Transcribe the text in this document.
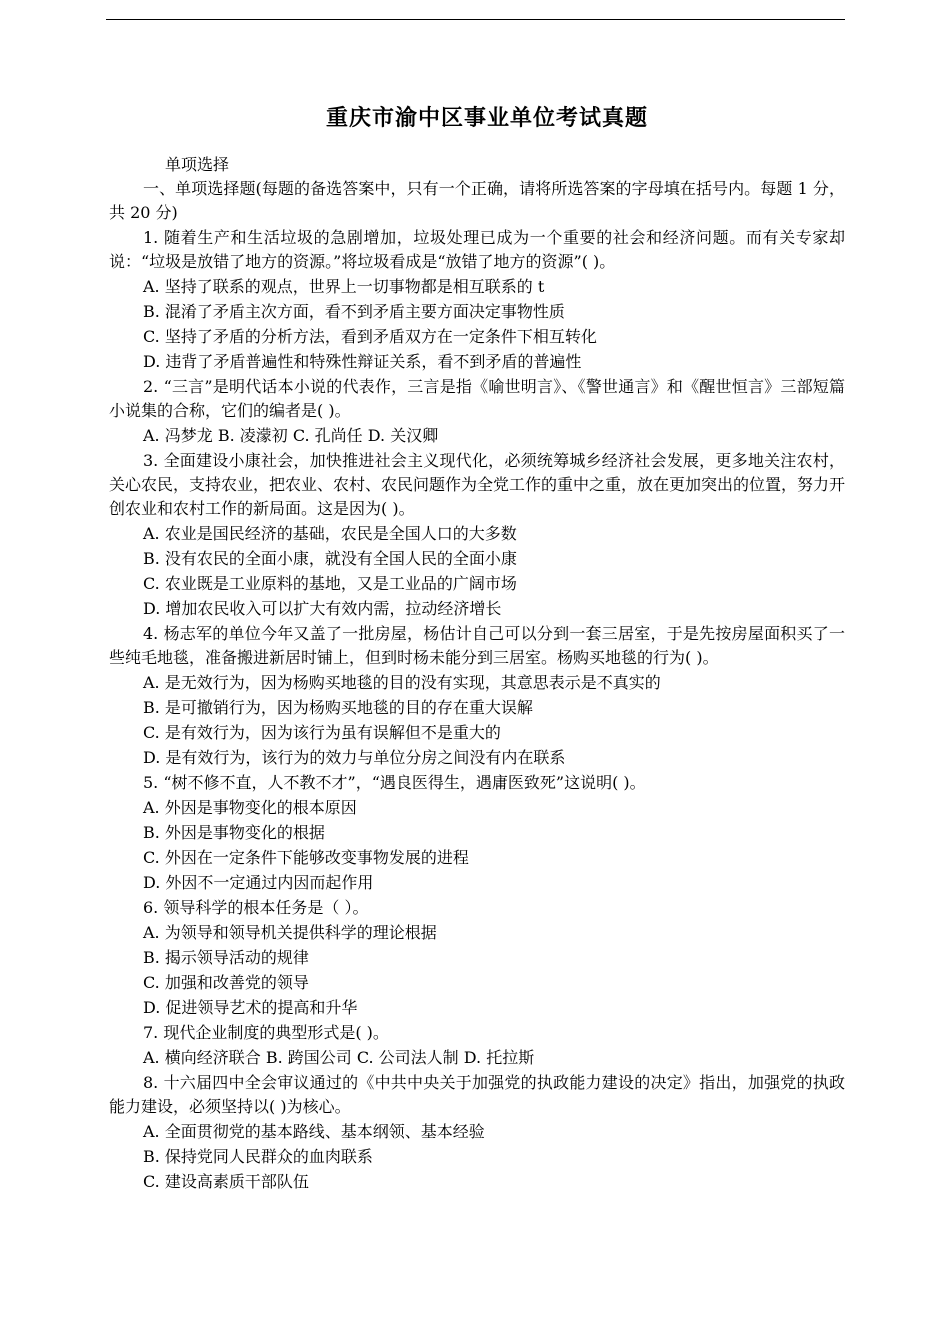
重庆市渝中区事业单位考试真题

单项选择

一、单项选择题(每题的备选答案中，只有一个正确，请将所选答案的字母填在括号内。每题 1 分，共 20 分)

1. 随着生产和生活垃圾的急剧增加，垃圾处理已成为一个重要的社会和经济问题。而有关专家却说：“垃圾是放错了地方的资源。”将垃圾看成是“放错了地方的资源”( )。

A. 坚持了联系的观点，世界上一切事物都是相互联系的 t

B. 混淆了矛盾主次方面，看不到矛盾主要方面决定事物性质

C. 坚持了矛盾的分析方法，看到矛盾双方在一定条件下相互转化

D. 违背了矛盾普遍性和特殊性辩证关系，看不到矛盾的普遍性

2. “三言”是明代话本小说的代表作，三言是指《喻世明言》、《警世通言》和《醒世恒言》三部短篇小说集的合称，它们的编者是( )。

A. 冯梦龙 B. 凌濛初 C. 孔尚任 D. 关汉卿

3. 全面建设小康社会，加快推进社会主义现代化，必须统筹城乡经济社会发展，更多地关注农村，关心农民，支持农业，把农业、农村、农民问题作为全党工作的重中之重，放在更加突出的位置，努力开创农业和农村工作的新局面。这是因为( )。

A. 农业是国民经济的基础，农民是全国人口的大多数

B. 没有农民的全面小康，就没有全国人民的全面小康

C. 农业既是工业原料的基地，又是工业品的广阔市场

D. 增加农民收入可以扩大有效内需，拉动经济增长

4. 杨志军的单位今年又盖了一批房屋，杨估计自己可以分到一套三居室，于是先按房屋面积买了一些纯毛地毯，准备搬进新居时铺上，但到时杨未能分到三居室。杨购买地毯的行为( )。

A. 是无效行为，因为杨购买地毯的目的没有实现，其意思表示是不真实的

B. 是可撤销行为，因为杨购买地毯的目的存在重大误解

C. 是有效行为，因为该行为虽有误解但不是重大的

D. 是有效行为，该行为的效力与单位分房之间没有内在联系

5. “树不修不直，人不教不才”，“遇良医得生，遇庸医致死”这说明( )。

A. 外因是事物变化的根本原因

B. 外因是事物变化的根据

C. 外因在一定条件下能够改变事物发展的进程

D. 外因不一定通过内因而起作用

6. 领导科学的根本任务是（ ）。

A. 为领导和领导机关提供科学的理论根据

B. 揭示领导活动的规律

C. 加强和改善党的领导

D. 促进领导艺术的提高和升华

7. 现代企业制度的典型形式是( )。

A. 横向经济联合 B. 跨国公司 C. 公司法人制 D. 托拉斯

8. 十六届四中全会审议通过的《中共中央关于加强党的执政能力建设的决定》指出，加强党的执政能力建设，必须坚持以( )为核心。

A. 全面贯彻党的基本路线、基本纲领、基本经验

B. 保持党同人民群众的血肉联系

C. 建设高素质干部队伍
